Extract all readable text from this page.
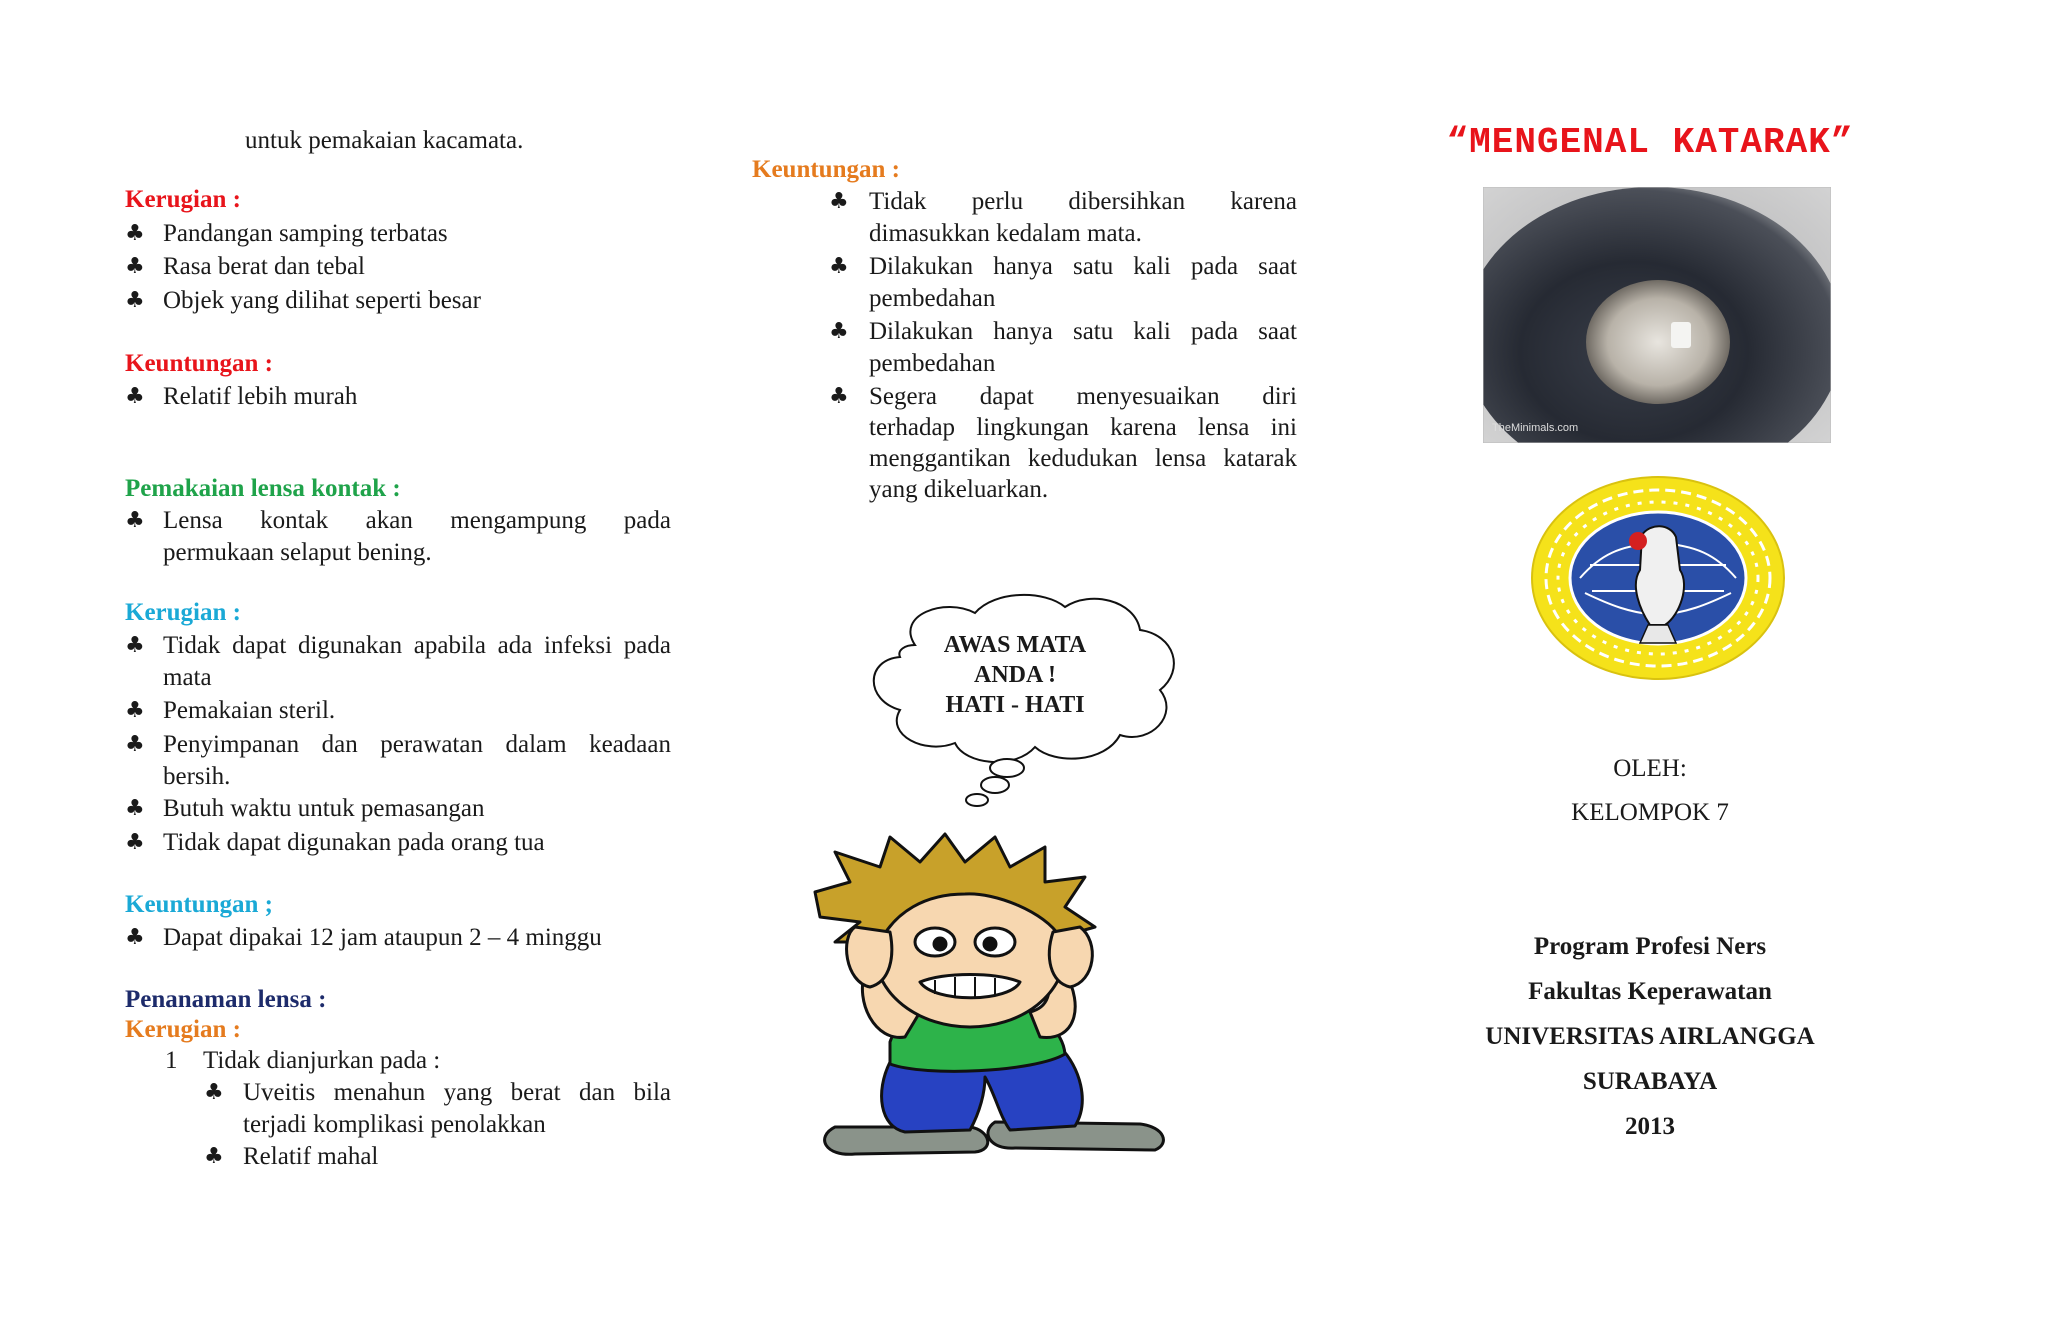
untuk pemakaian kacamata.
Kerugian :
♣ Pandangan samping terbatas
♣ Rasa berat dan tebal
♣ Objek yang dilihat seperti besar
Keuntungan :
♣ Relatif lebih murah
Pemakaian lensa kontak :
♣ Lensa kontak akan mengampung pada
permukaan selaput bening.
Kerugian :
♣ Tidak dapat digunakan apabila ada infeksi pada
mata
♣ Pemakaian steril.
♣ Penyimpanan dan perawatan dalam keadaan
bersih.
♣ Butuh waktu untuk pemasangan
♣ Tidak dapat digunakan pada orang tua
Keuntungan ;
♣ Dapat dipakai 12 jam ataupun 2 – 4 minggu
Penanaman lensa :
Kerugian :
1 Tidak dianjurkan pada :
♣ Uveitis menahun yang berat dan bila
terjadi komplikasi penolakkan
♣ Relatif mahal
Keuntungan :
♣ Tidak perlu dibersihkan karena
dimasukkan kedalam mata.
♣ Dilakukan hanya satu kali pada saat
pembedahan
♣ Dilakukan hanya satu kali pada saat
pembedahan
♣ Segera dapat menyesuaikan diri
terhadap lingkungan karena lensa ini
menggantikan kedudukan lensa katarak
yang dikeluarkan.
AWAS MATA
ANDA !
HATI - HATI
“MENGENAL KATARAK”
TheMinimals.com
OLEH:
KELOMPOK 7
Program Profesi Ners
Fakultas Keperawatan
UNIVERSITAS AIRLANGGA
SURABAYA
2013
